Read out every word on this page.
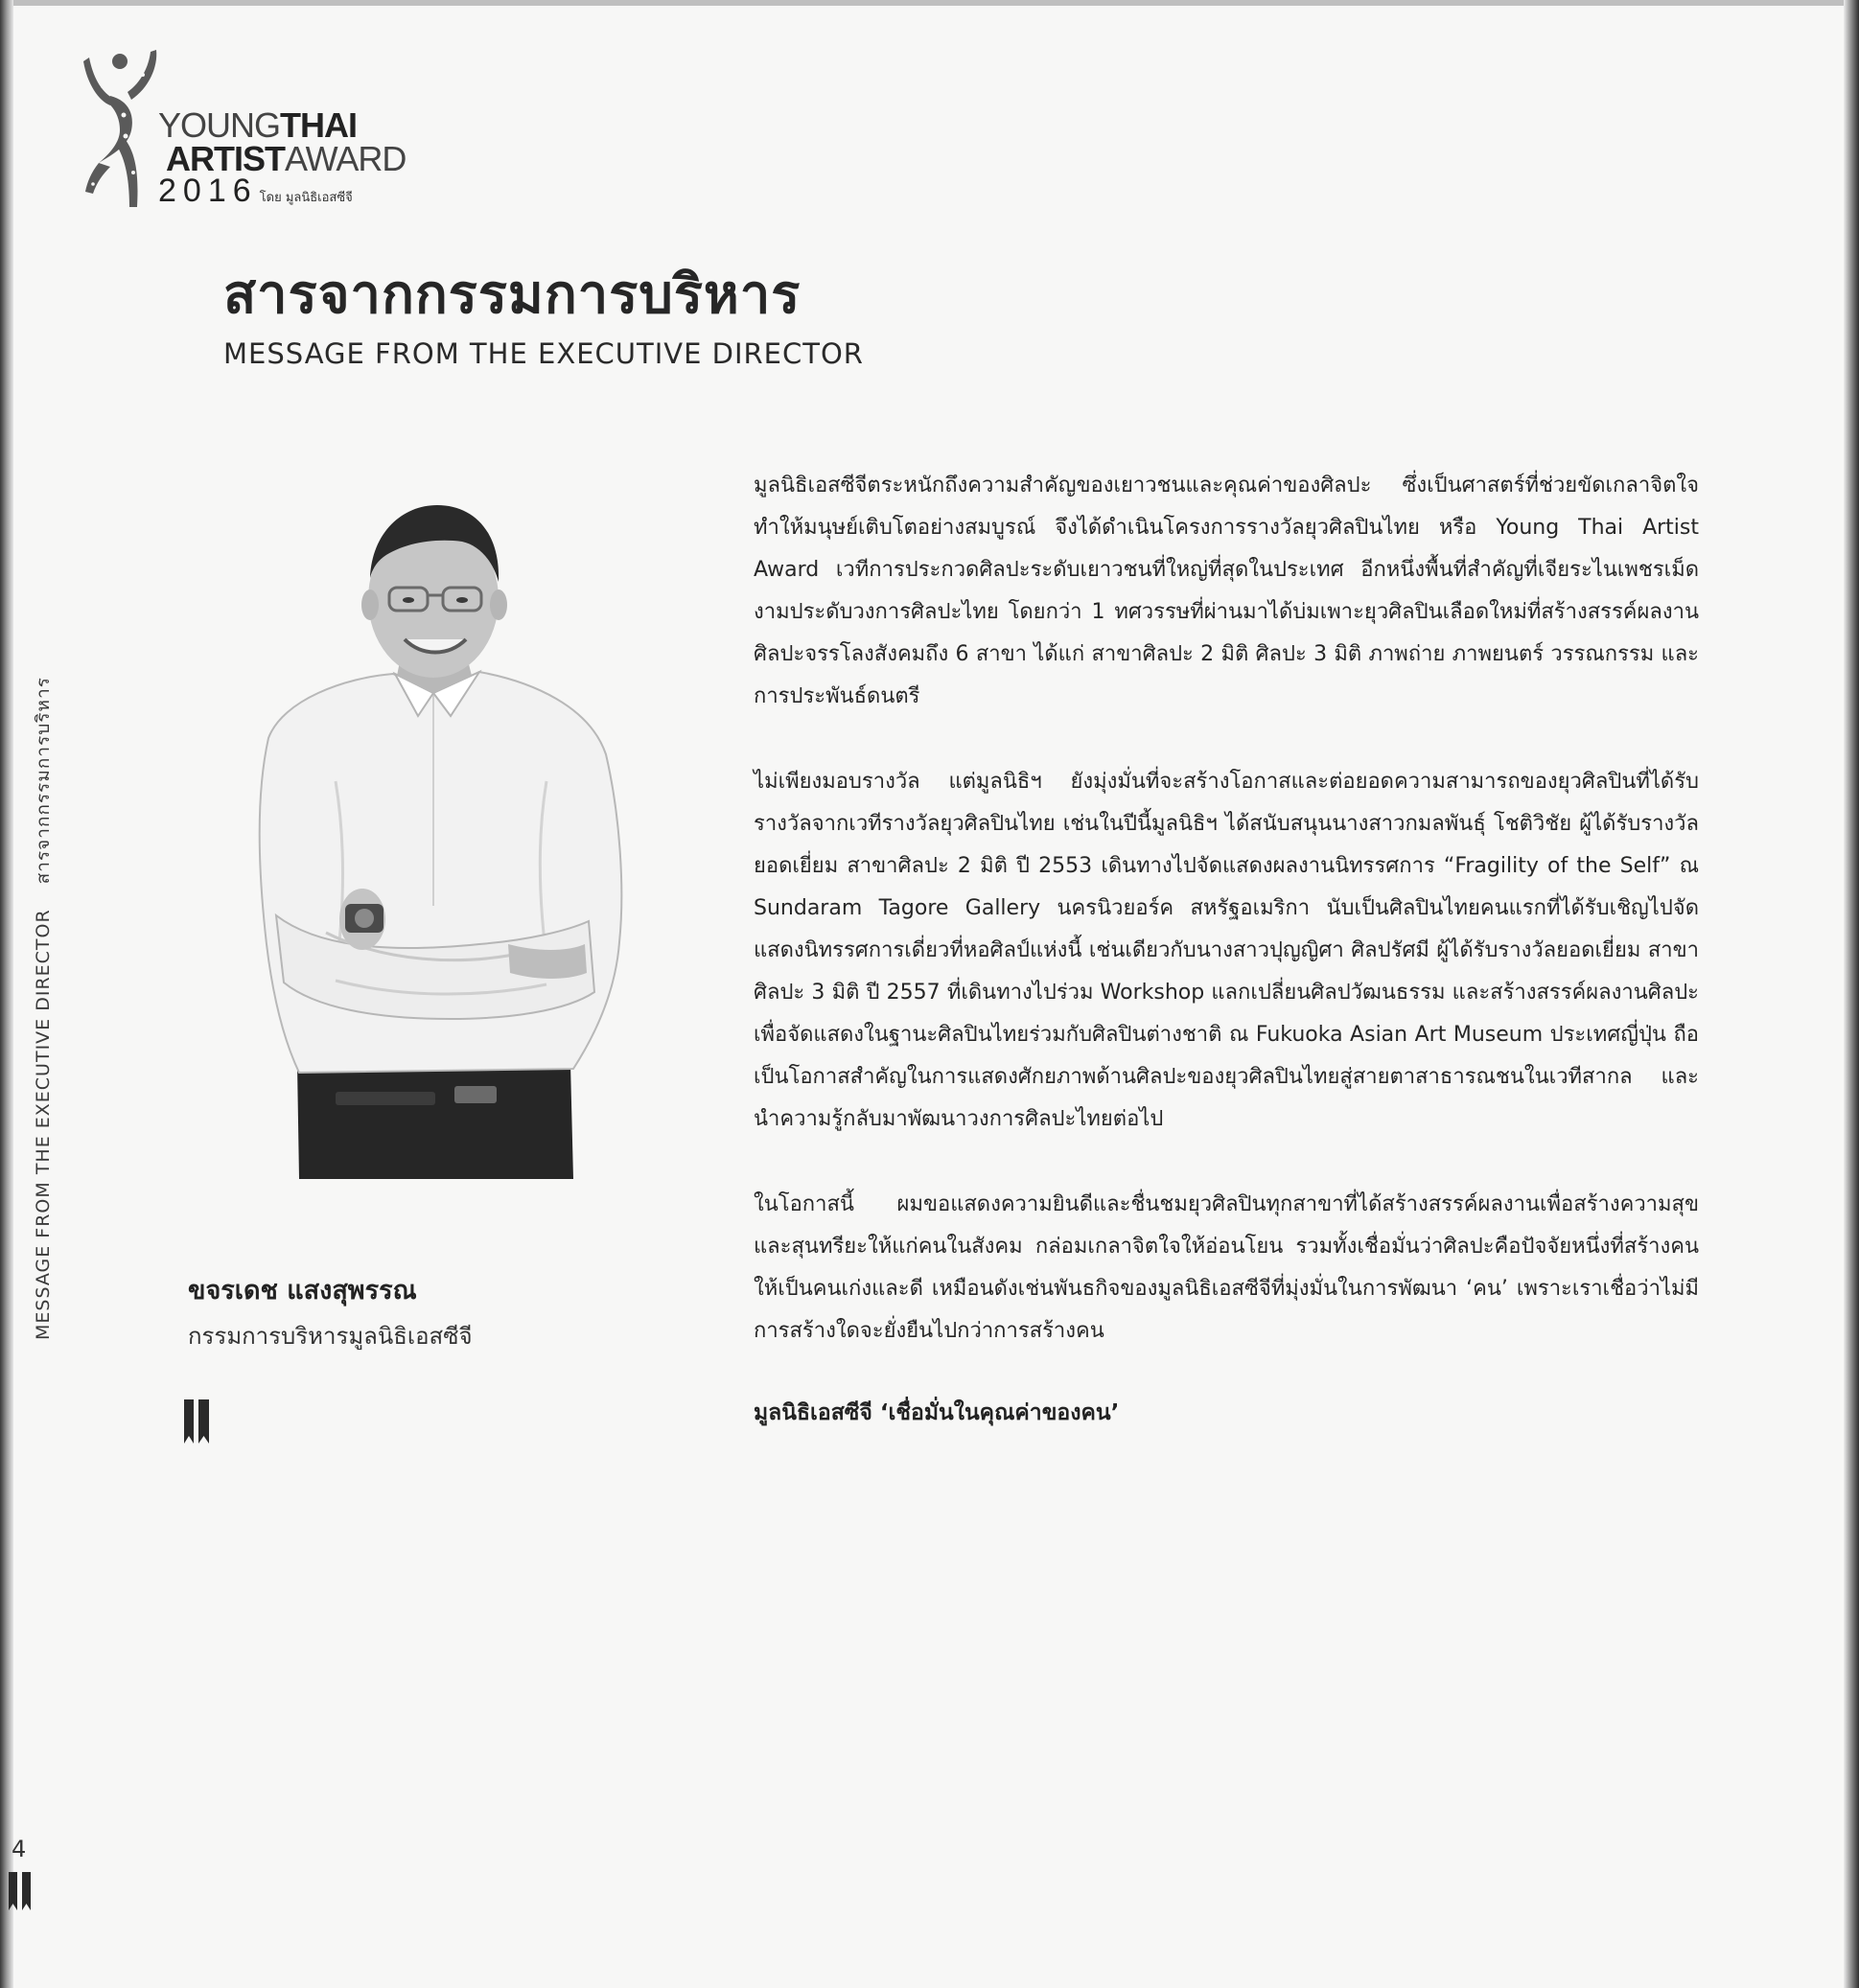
YOUNGTHAI
ARTISTAWARD
2016 โดย มูลนิธิเอสซีจี
สารจากกรรมการบริหาร
MESSAGE FROM THE EXECUTIVE DIRECTOR
MESSAGE FROM THE EXECUTIVE DIRECTORสารจากกรรมการบริหาร
ขจรเดช แสงสุพรรณ
กรรมการบริหารมูลนิธิเอสซีจี

มูลนิธิเอสซีจีตระหนักถึงความสำคัญของเยาวชนและคุณค่าของศิลปะ ซึ่งเป็นศาสตร์ที่ช่วยขัดเกลาจิตใจ ทำให้มนุษย์เติบโตอย่างสมบูรณ์ จึงได้ดำเนินโครงการรางวัลยุวศิลปินไทย หรือ Young Thai Artist Award เวทีการประกวดศิลปะระดับเยาวชนที่ใหญ่ที่สุดในประเทศ อีกหนึ่งพื้นที่สำคัญที่เจียระไนเพชรเม็ดงามประดับวงการศิลปะไทย โดยกว่า 1 ทศวรรษที่ผ่านมาได้บ่มเพาะยุวศิลปินเลือดใหม่ที่สร้างสรรค์ผลงานศิลปะจรรโลงสังคมถึง 6 สาขา ได้แก่ สาขาศิลปะ 2 มิติ ศิลปะ 3 มิติ ภาพถ่าย ภาพยนตร์ วรรณกรรม และการประพันธ์ดนตรี

ไม่เพียงมอบรางวัล แต่มูลนิธิฯ ยังมุ่งมั่นที่จะสร้างโอกาสและต่อยอดความสามารถของยุวศิลปินที่ได้รับรางวัลจากเวทีรางวัลยุวศิลปินไทย เช่นในปีนี้มูลนิธิฯ ได้สนับสนุนนางสาวกมลพันธุ์ โชติวิชัย ผู้ได้รับรางวัลยอดเยี่ยม สาขาศิลปะ 2 มิติ ปี 2553 เดินทางไปจัดแสดงผลงานนิทรรศการ “Fragility of the Self” ณ Sundaram Tagore Gallery นครนิวยอร์ค สหรัฐอเมริกา นับเป็นศิลปินไทยคนแรกที่ได้รับเชิญไปจัดแสดงนิทรรศการเดี่ยวที่หอศิลป์แห่งนี้ เช่นเดียวกับนางสาวปุญญิศา ศิลปรัศมี ผู้ได้รับรางวัลยอดเยี่ยม สาขาศิลปะ 3 มิติ ปี 2557 ที่เดินทางไปร่วม Workshop แลกเปลี่ยนศิลปวัฒนธรรม และสร้างสรรค์ผลงานศิลปะเพื่อจัดแสดงในฐานะศิลปินไทยร่วมกับศิลปินต่างชาติ ณ Fukuoka Asian Art Museum ประเทศญี่ปุ่น ถือเป็นโอกาสสำคัญในการแสดงศักยภาพด้านศิลปะของยุวศิลปินไทยสู่สายตาสาธารณชนในเวทีสากล และนำความรู้กลับมาพัฒนาวงการศิลปะไทยต่อไป

ในโอกาสนี้ ผมขอแสดงความยินดีและชื่นชมยุวศิลปินทุกสาขาที่ได้สร้างสรรค์ผลงานเพื่อสร้างความสุขและสุนทรียะให้แก่คนในสังคม กล่อมเกลาจิตใจให้อ่อนโยน รวมทั้งเชื่อมั่นว่าศิลปะคือปัจจัยหนึ่งที่สร้างคนให้เป็นคนเก่งและดี เหมือนดังเช่นพันธกิจของมูลนิธิเอสซีจีที่มุ่งมั่นในการพัฒนา ‘คน’ เพราะเราเชื่อว่าไม่มีการสร้างใดจะยั่งยืนไปกว่าการสร้างคน

มูลนิธิเอสซีจี ‘เชื่อมั่นในคุณค่าของคน’
4
